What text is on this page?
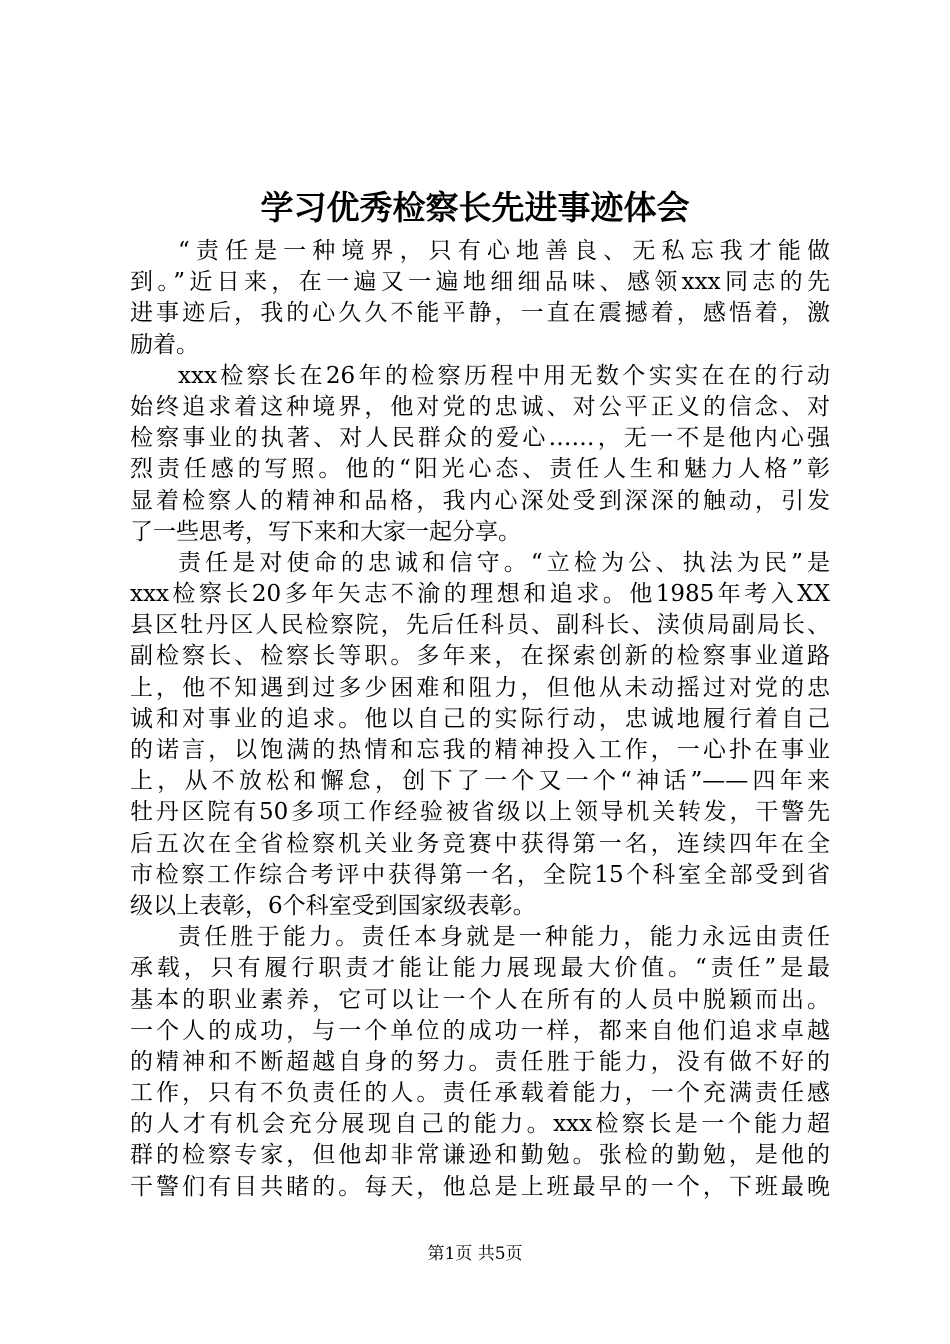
学习优秀检察长先进事迹体会
“责任是一种境界，只有心地善良、无私忘我才能做
到。”近日来，在一遍又一遍地细细品味、感领xxx同志的先
进事迹后，我的心久久不能平静，一直在震撼着，感悟着，激
励着。
xxx检察长在26年的检察历程中用无数个实实在在的行动
始终追求着这种境界，他对党的忠诚、对公平正义的信念、对
检察事业的执著、对人民群众的爱心……，无一不是他内心强
烈责任感的写照。他的“阳光心态、责任人生和魅力人格”彰
显着检察人的精神和品格，我内心深处受到深深的触动，引发
了一些思考，写下来和大家一起分享。
责任是对使命的忠诚和信守。“立检为公、执法为民”是
xxx检察长20多年矢志不渝的理想和追求。他1985年考入XX
县区牡丹区人民检察院，先后任科员、副科长、渎侦局副局长、
副检察长、检察长等职。多年来，在探索创新的检察事业道路
上，他不知遇到过多少困难和阻力，但他从未动摇过对党的忠
诚和对事业的追求。他以自己的实际行动，忠诚地履行着自己
的诺言，以饱满的热情和忘我的精神投入工作，一心扑在事业
上，从不放松和懈怠，创下了一个又一个“神话”——四年来
牡丹区院有50多项工作经验被省级以上领导机关转发，干警先
后五次在全省检察机关业务竞赛中获得第一名，连续四年在全
市检察工作综合考评中获得第一名，全院15个科室全部受到省
级以上表彰，6个科室受到国家级表彰。
责任胜于能力。责任本身就是一种能力，能力永远由责任
承载，只有履行职责才能让能力展现最大价值。“责任”是最
基本的职业素养，它可以让一个人在所有的人员中脱颖而出。
一个人的成功，与一个单位的成功一样，都来自他们追求卓越
的精神和不断超越自身的努力。责任胜于能力，没有做不好的
工作，只有不负责任的人。责任承载着能力，一个充满责任感
的人才有机会充分展现自己的能力。xxx检察长是一个能力超
群的检察专家，但他却非常谦逊和勤勉。张检的勤勉，是他的
干警们有目共睹的。每天，他总是上班最早的一个，下班最晚
第1页 共5页
